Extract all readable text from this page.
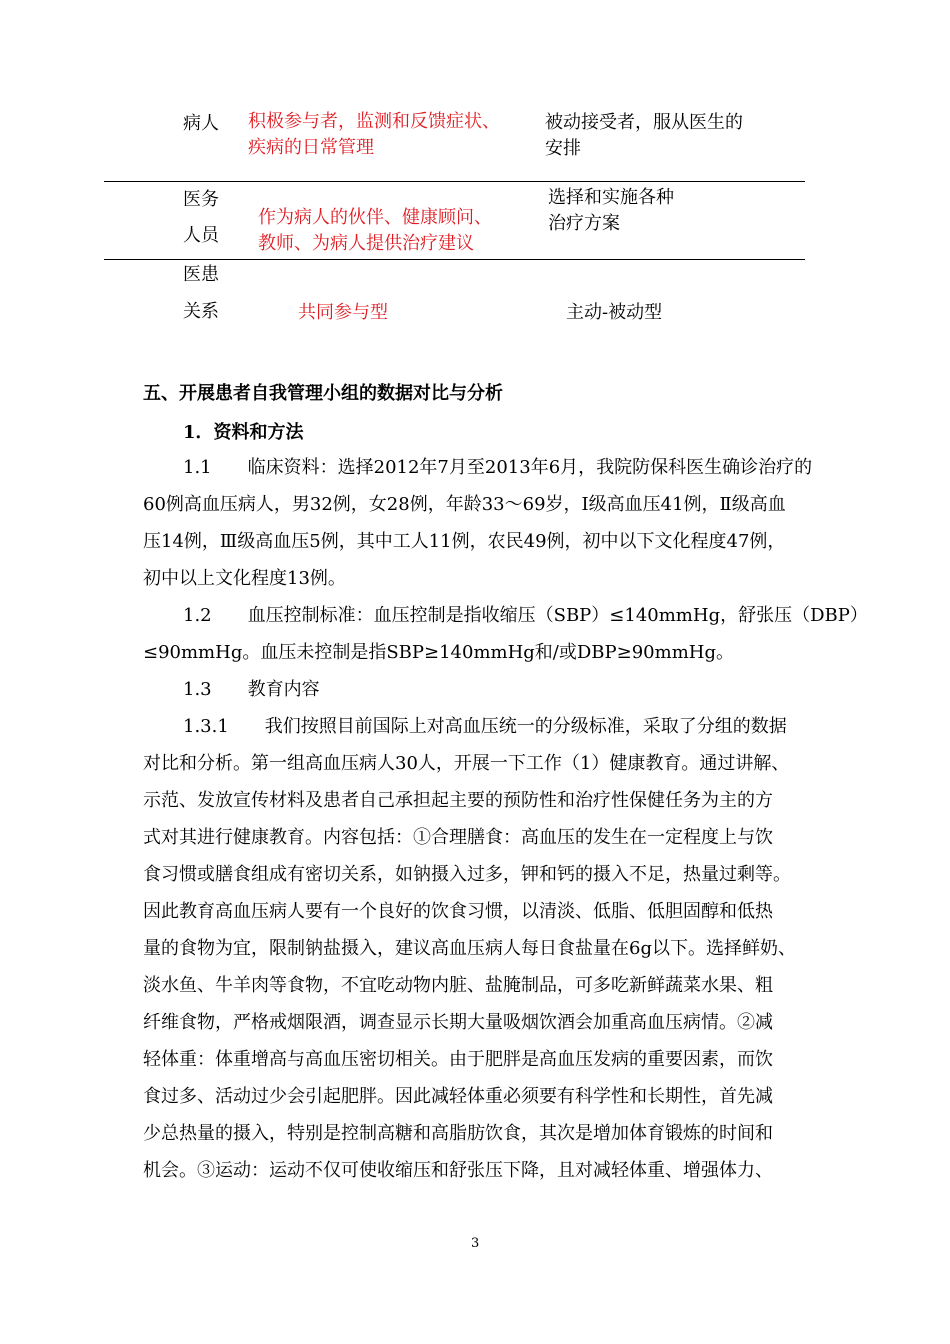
病人 积极参与者，监测和反馈症状、
疾病的日常管理
被动接受者，服从医生的
安排
医务
人员
作为病人的伙伴、健康顾问、
教师、为病人提供治疗建议
选择和实施各种
治疗方案
医患
关系	共同参与型	主动-被动型
五、开展患者自我管理小组的数据对比与分析
1．资料和方法
1.1　　临床资料：选择2012年7月至2013年6月，我院防保科医生确诊治疗的
60例高血压病人，男32例，女28例，年龄33～69岁，Ⅰ级高血压41例，Ⅱ级高血
压14例，Ⅲ级高血压5例，其中工人11例，农民49例，初中以下文化程度47例，
初中以上文化程度13例。
1.2　　血压控制标准：血压控制是指收缩压（SBP）≤140mmHg，舒张压（DBP）
≤90mmHg。血压未控制是指SBP≥140mmHg和/或DBP≥90mmHg。
1.3　　教育内容
1.3.1　　我们按照目前国际上对高血压统一的分级标准，采取了分组的数据
对比和分析。第一组高血压病人30人，开展一下工作（1）健康教育。通过讲解、
示范、发放宣传材料及患者自己承担起主要的预防性和治疗性保健任务为主的方
式对其进行健康教育。内容包括：①合理膳食：高血压的发生在一定程度上与饮
食习惯或膳食组成有密切关系，如钠摄入过多，钾和钙的摄入不足，热量过剩等。
因此教育高血压病人要有一个良好的饮食习惯，以清淡、低脂、低胆固醇和低热
量的食物为宜，限制钠盐摄入，建议高血压病人每日食盐量在6g以下。选择鲜奶、
淡水鱼、牛羊肉等食物，不宜吃动物内脏、盐腌制品，可多吃新鲜蔬菜水果、粗
纤维食物，严格戒烟限酒，调查显示长期大量吸烟饮酒会加重高血压病情。②减
轻体重：体重增高与高血压密切相关。由于肥胖是高血压发病的重要因素，而饮
食过多、活动过少会引起肥胖。因此减轻体重必须要有科学性和长期性，首先减
少总热量的摄入，特别是控制高糖和高脂肪饮食，其次是增加体育锻炼的时间和
机会。③运动：运动不仅可使收缩压和舒张压下降，且对减轻体重、增强体力、
3
